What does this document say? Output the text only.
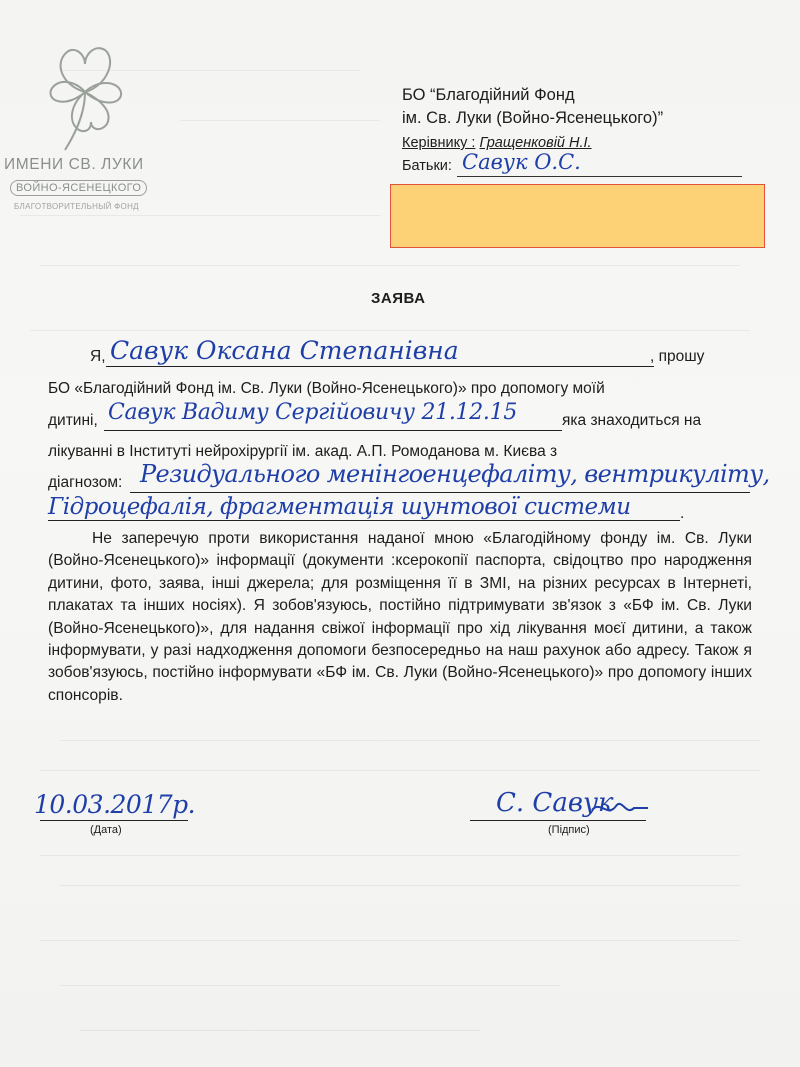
ИМЕНИ СВ. ЛУКИ
ВОЙНО-ЯСЕНЕЦКОГО
БЛАГОТВОРИТЕЛЬНЫЙ ФОНД
БО “Благодійний Фонд
ім. Св. Луки (Войно-Ясенецького)”
Керівнику : Гращенковій Н.І.
Батьки: Савук О.С.
ЗАЯВА
Я, Савук Оксана Степанівна	, прошу
БО «Благодійний Фонд ім. Св. Луки (Войно-Ясенецького)» про допомогу моїй
дитині, Савук Вадиму Сергійовичу 21.12.15	яка знаходиться на
лікуванні в Інституті нейрохірургії ім. акад. А.П. Ромоданова м. Києва з
діагнозом: Резидуального менінгоенцефаліту, вентрикуліту,
Гідроцефалія, фрагментація шунтової системи	.

Не заперечую проти використання наданої мною «Благодійному фонду ім. Св. Луки (Войно-Ясенецького)» інформації (документи :ксерокопії паспорта, свідоцтво про народження дитини, фото, заява, інші джерела; для розміщення її в ЗМІ, на різних ресурсах в Інтернеті, плакатах та інших носіях). Я зобов'язуюсь, постійно підтримувати зв'язок з «БФ ім. Св. Луки (Войно-Ясенецького)», для надання свіжої інформації про хід лікування моєї дитини, а також інформувати, у разі надходження допомоги безпосередньо на наш рахунок або адресу. Також я зобов'язуюсь, постійно інформувати «БФ ім. Св. Луки (Войно-Ясенецького)» про допомогу інших спонсорів.

10.03.2017р.
(Дата)
С. Савук
(Підпис)
